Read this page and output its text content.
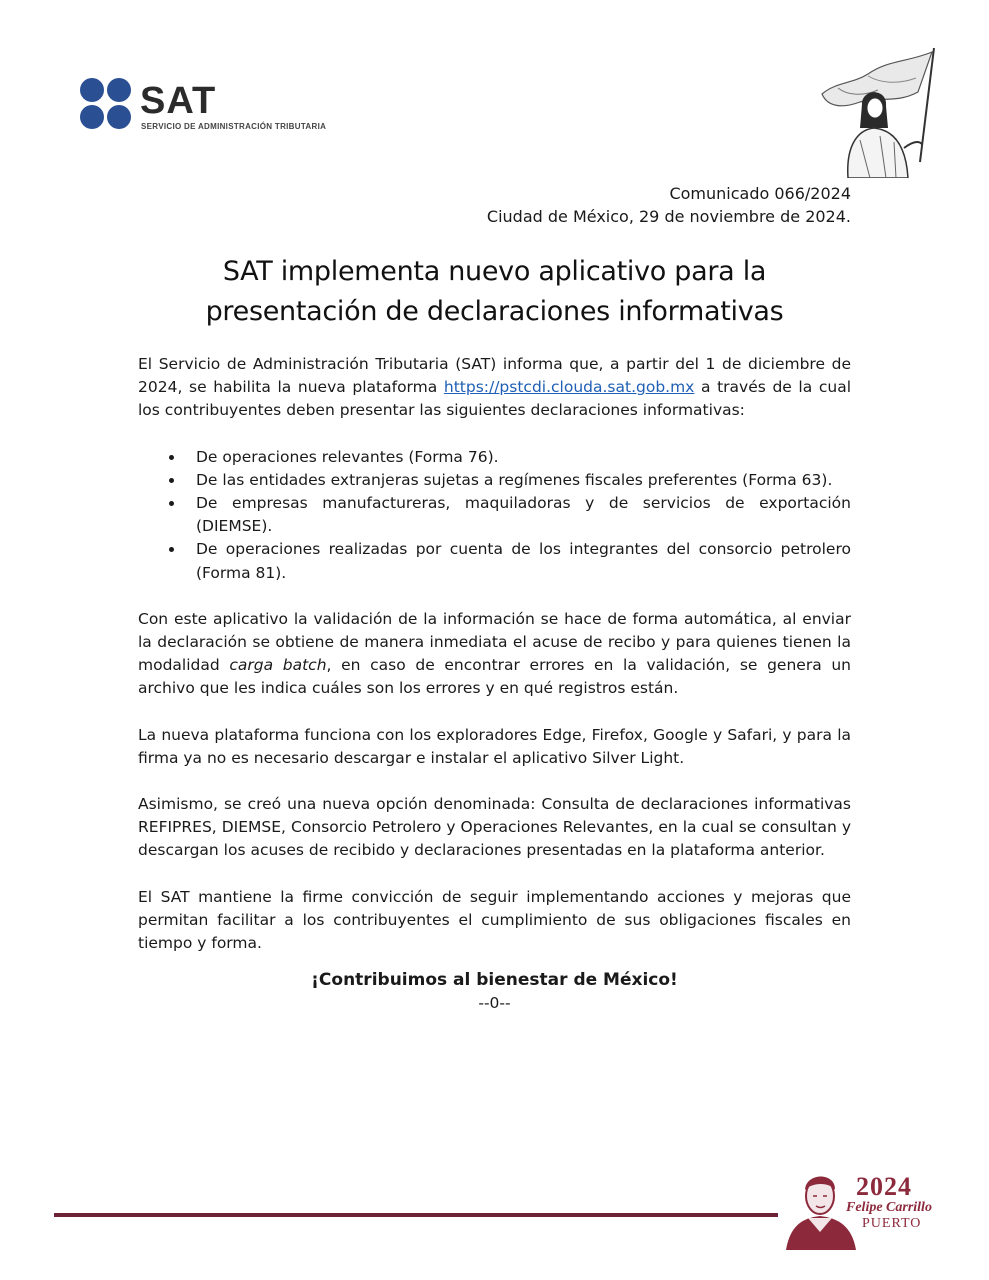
SAT
SERVICIO DE ADMINISTRACIÓN TRIBUTARIA
Comunicado 066/2024
Ciudad de México, 29 de noviembre de 2024.
SAT implementa nuevo aplicativo para la
presentación de declaraciones informativas

El Servicio de Administración Tributaria (SAT) informa que, a partir del 1 de diciembre de 2024, se habilita la nueva plataforma https://pstcdi.clouda.sat.gob.mx a través de la cual los contribuyentes deben presentar las siguientes declaraciones informativas:

De operaciones relevantes (Forma 76).
De las entidades extranjeras sujetas a regímenes fiscales preferentes (Forma 63).
De empresas manufactureras, maquiladoras y de servicios de exportación (DIEMSE).
De operaciones realizadas por cuenta de los integrantes del consorcio petrolero (Forma 81).

Con este aplicativo la validación de la información se hace de forma automática, al enviar la declaración se obtiene de manera inmediata el acuse de recibo y para quienes tienen la modalidad carga batch, en caso de encontrar errores en la validación, se genera un archivo que les indica cuáles son los errores y en qué registros están.

La nueva plataforma funciona con los exploradores Edge, Firefox, Google y Safari, y para la firma ya no es necesario descargar e instalar el aplicativo Silver Light.

Asimismo, se creó una nueva opción denominada: Consulta de declaraciones informativas REFIPRES, DIEMSE, Consorcio Petrolero y Operaciones Relevantes, en la cual se consultan y descargan los acuses de recibido y declaraciones presentadas en la plataforma anterior.

El SAT mantiene la firme convicción de seguir implementando acciones y mejoras que permitan facilitar a los contribuyentes el cumplimiento de sus obligaciones fiscales en tiempo y forma.

¡Contribuimos al bienestar de México!

--0--

2024
Felipe Carrillo
PUERTO
